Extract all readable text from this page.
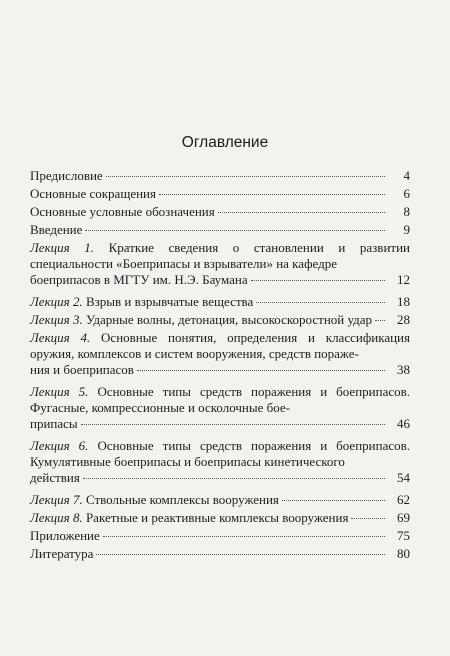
Оглавление
Предисловие	4
Основные сокращения	6
Основные условные обозначения	8
Введение	9
Лекция 1. Краткие сведения о становлении и развитии специальности «Боеприпасы и взрыватели» на кафедре
боеприпасов в МГТУ им. Н.Э. Баумана	12
Лекция 2. Взрыв и взрывчатые вещества	18
Лекция 3. Ударные волны, детонация, высокоскоростной удар	28
Лекция 4. Основные понятия, определения и классификация оружия, комплексов и систем вооружения, средств пораже-
ния и боеприпасов	38
Лекция 5. Основные типы средств поражения и боеприпасов. Фугасные, компрессионные и осколочные бое-
припасы	46
Лекция 6. Основные типы средств поражения и боеприпасов. Кумулятивные боеприпасы и боеприпасы кинетического
действия	54
Лекция 7. Ствольные комплексы вооружения	62
Лекция 8. Ракетные и реактивные комплексы вооружения	69
Приложение	75
Литература	80
